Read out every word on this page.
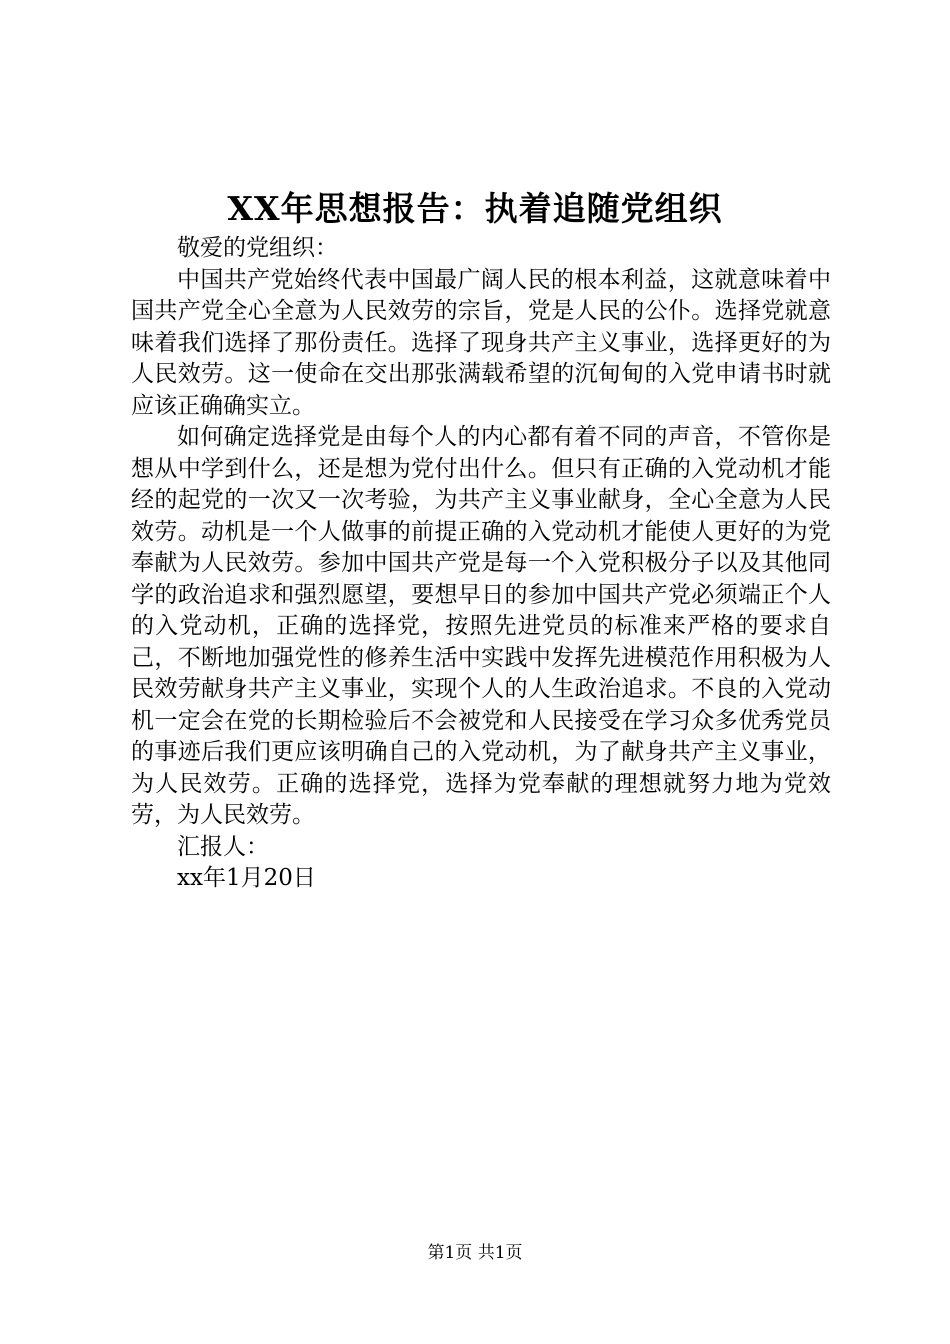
XX年思想报告：执着追随党组织

敬爱的党组织：

中国共产党始终代表中国最广阔人民的根本利益，这就意味着中国共产党全心全意为人民效劳的宗旨，党是人民的公仆。选择党就意味着我们选择了那份责任。选择了现身共产主义事业，选择更好的为人民效劳。这一使命在交出那张满载希望的沉甸甸的入党申请书时就应该正确确实立。

如何确定选择党是由每个人的内心都有着不同的声音，不管你是想从中学到什么，还是想为党付出什么。但只有正确的入党动机才能经的起党的一次又一次考验，为共产主义事业献身，全心全意为人民效劳。动机是一个人做事的前提正确的入党动机才能使人更好的为党奉献为人民效劳。参加中国共产党是每一个入党积极分子以及其他同学的政治追求和强烈愿望，要想早日的参加中国共产党必须端正个人的入党动机，正确的选择党，按照先进党员的标准来严格的要求自己，不断地加强党性的修养生活中实践中发挥先进模范作用积极为人民效劳献身共产主义事业，实现个人的人生政治追求。不良的入党动机一定会在党的长期检验后不会被党和人民接受在学习众多优秀党员的事迹后我们更应该明确自己的入党动机，为了献身共产主义事业，为人民效劳。正确的选择党，选择为党奉献的理想就努力地为党效劳，为人民效劳。

汇报人：

xx年1月20日

第1页 共1页
